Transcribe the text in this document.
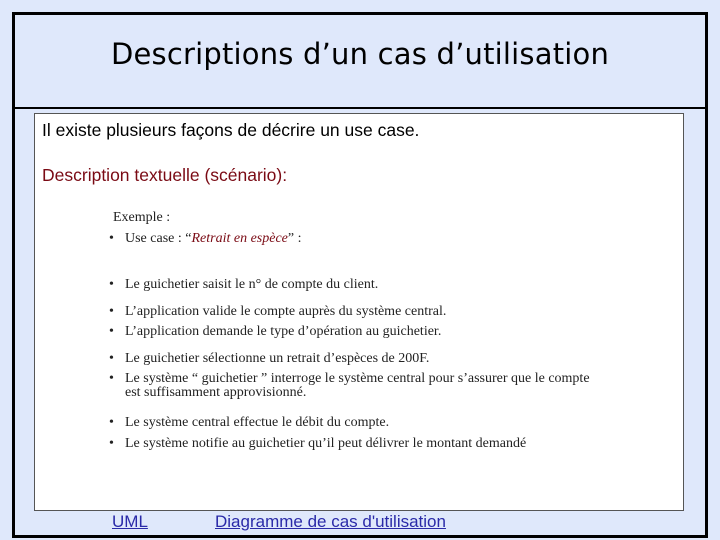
Descriptions d’un cas d’utilisation
Il existe plusieurs façons de décrire un use case.
Description textuelle (scénario):
Exemple :
• Use case : “Retrait en espèce” :
• Le guichetier saisit le n° de compte du client.
• L’application valide le compte auprès du système central.
• L’application demande le type d’opération au guichetier.
• Le guichetier sélectionne un retrait d’espèces de 200F.
• Le système “ guichetier ” interroge le système central pour s’assurer que le compte
est suffisamment approvisionné.
• Le système central effectue le débit du compte.
• Le système notifie au guichetier qu’il peut délivrer le montant demandé
UML	Diagramme de cas d'utilisation
